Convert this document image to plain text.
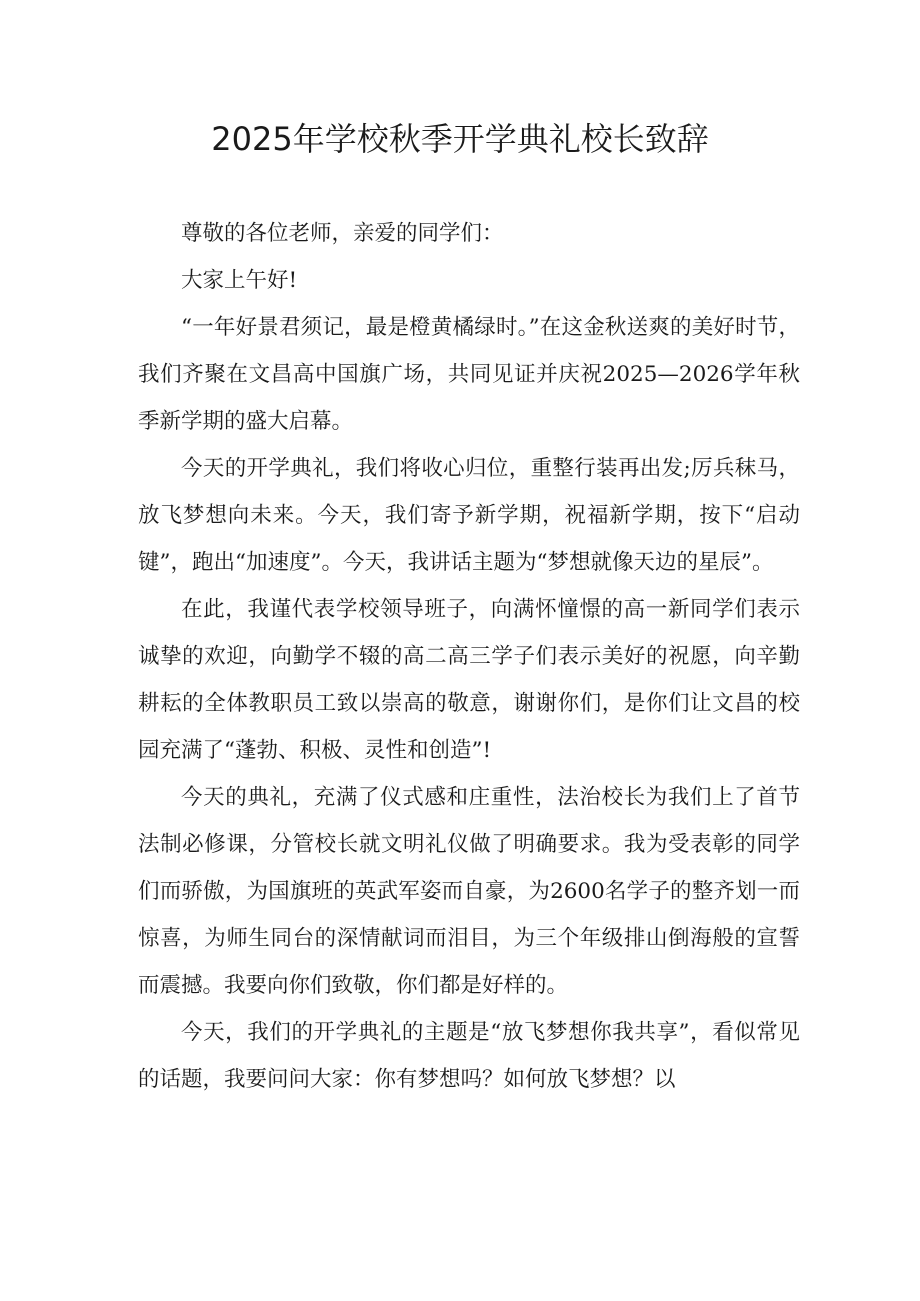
2025年学校秋季开学典礼校长致辞

尊敬的各位老师，亲爱的同学们：

大家上午好!

“一年好景君须记，最是橙黄橘绿时。”在这金秋送爽的美好时节，我们齐聚在文昌高中国旗广场，共同见证并庆祝2025—2026学年秋季新学期的盛大启幕。

今天的开学典礼，我们将收心归位，重整行装再出发;厉兵秣马，放飞梦想向未来。今天，我们寄予新学期，祝福新学期，按下“启动键”，跑出“加速度”。今天，我讲话主题为“梦想就像天边的星辰”。

在此，我谨代表学校领导班子，向满怀憧憬的高一新同学们表示诚挚的欢迎，向勤学不辍的高二高三学子们表示美好的祝愿，向辛勤耕耘的全体教职员工致以崇高的敬意，谢谢你们，是你们让文昌的校园充满了“蓬勃、积极、灵性和创造”!

今天的典礼，充满了仪式感和庄重性，法治校长为我们上了首节法制必修课，分管校长就文明礼仪做了明确要求。我为受表彰的同学们而骄傲，为国旗班的英武军姿而自豪，为2600名学子的整齐划一而惊喜，为师生同台的深情献词而泪目，为三个年级排山倒海般的宣誓而震撼。我要向你们致敬，你们都是好样的。

今天，我们的开学典礼的主题是“放飞梦想你我共享”，看似常见的话题，我要问问大家：你有梦想吗？如何放飞梦想？以
